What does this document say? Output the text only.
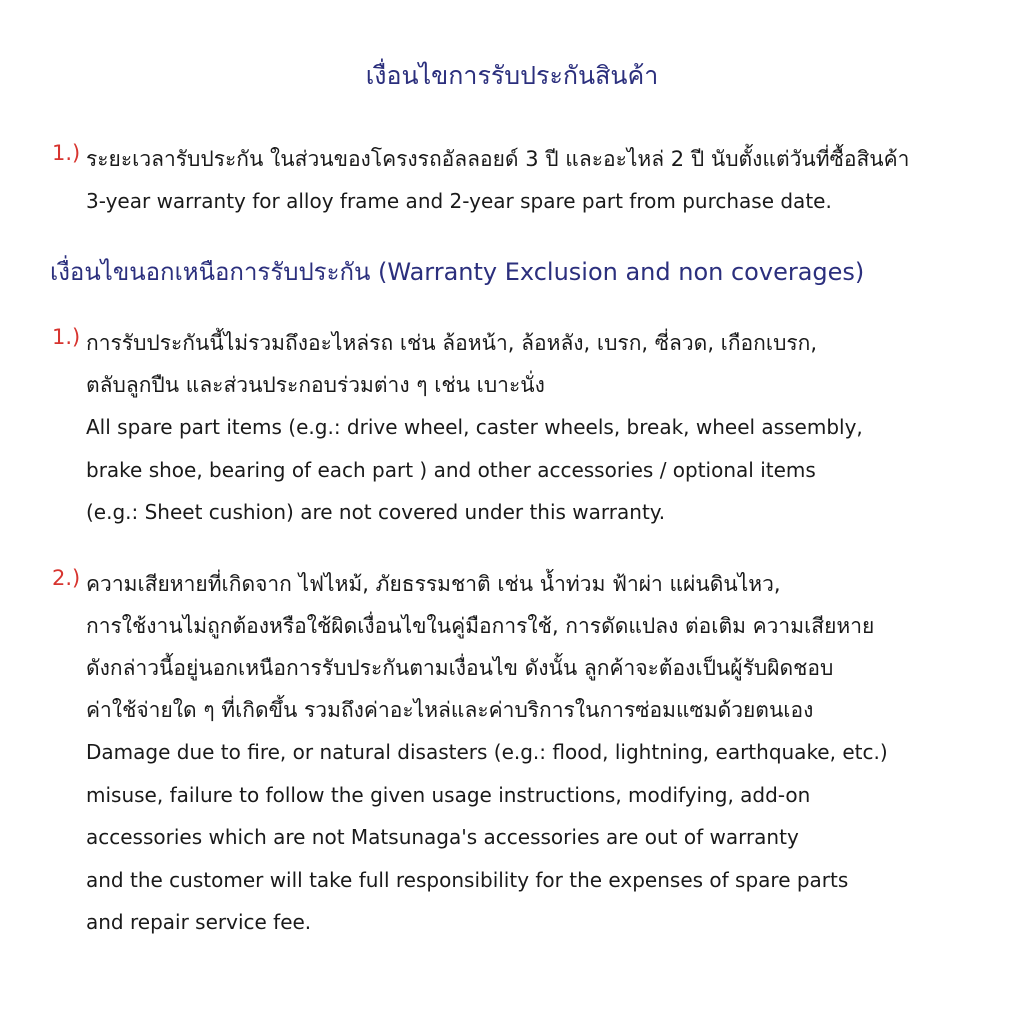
เงื่อนไขการรับประกันสินค้า
1.) ระยะเวลารับประกัน ในส่วนของโครงรถอัลลอยด์ 3 ปี และอะไหล่ 2 ปี นับตั้งแต่วันที่ซื้อสินค้า
3-year warranty for alloy frame and 2-year spare part from purchase date.
เงื่อนไขนอกเหนือการรับประกัน (Warranty Exclusion and non coverages)
1.) การรับประกันนี้ไม่รวมถึงอะไหล่รถ เช่น ล้อหน้า, ล้อหลัง, เบรก, ซี่ลวด, เกือกเบรก,
ตลับลูกปืน และส่วนประกอบร่วมต่าง ๆ เช่น เบาะนั่ง
All spare part items (e.g.: drive wheel, caster wheels, break, wheel assembly,
brake shoe, bearing of each part ) and other accessories / optional items
(e.g.: Sheet cushion) are not covered under this warranty.
2.) ความเสียหายที่เกิดจาก ไฟไหม้, ภัยธรรมชาติ เช่น น้ำท่วม ฟ้าผ่า แผ่นดินไหว,
การใช้งานไม่ถูกต้องหรือใช้ผิดเงื่อนไขในคู่มือการใช้, การดัดแปลง ต่อเติม ความเสียหาย
ดังกล่าวนี้อยู่นอกเหนือการรับประกันตามเงื่อนไข ดังนั้น ลูกค้าจะต้องเป็นผู้รับผิดชอบ
ค่าใช้จ่ายใด ๆ ที่เกิดขึ้น รวมถึงค่าอะไหล่และค่าบริการในการซ่อมแซมด้วยตนเอง
Damage due to fire, or natural disasters (e.g.: flood, lightning, earthquake, etc.)
misuse, failure to follow the given usage instructions, modifying, add-on
accessories which are not Matsunaga's accessories are out of warranty
and the customer will take full responsibility for the expenses of spare parts
and repair service fee.
